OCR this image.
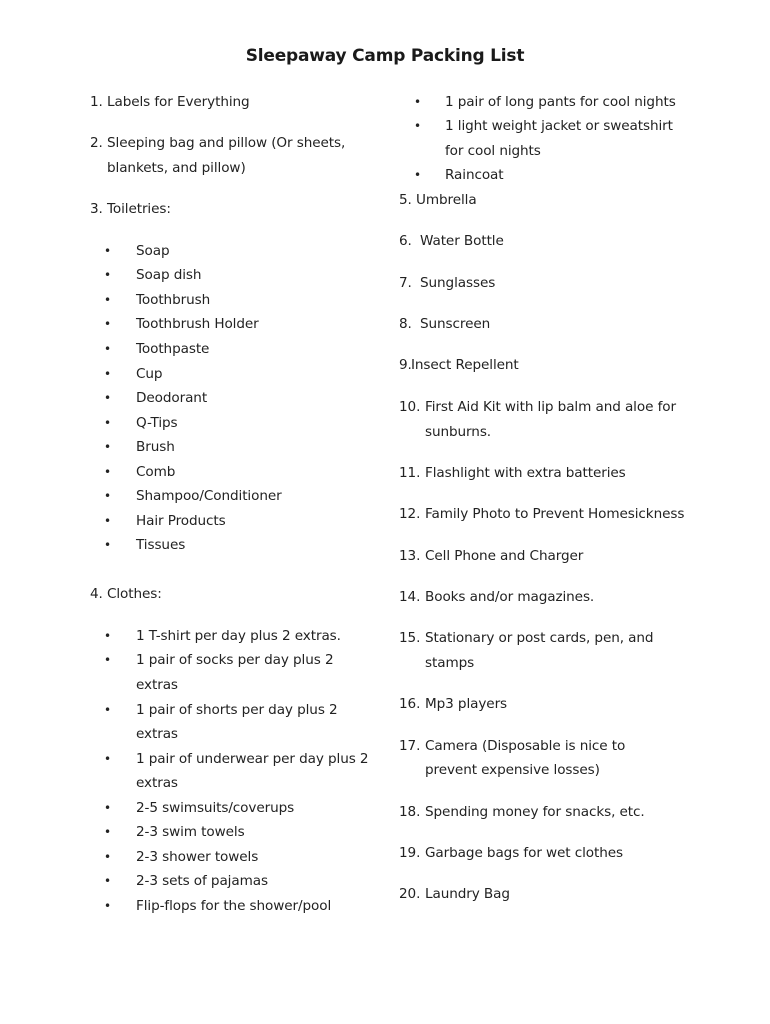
Sleepaway Camp Packing List
1. Labels for Everything
2. Sleeping bag and pillow (Or sheets,
blankets, and pillow)
3. Toiletries:
• Soap
• Soap dish
• Toothbrush
• Toothbrush Holder
• Toothpaste
• Cup
• Deodorant
• Q-Tips
• Brush
• Comb
• Shampoo/Conditioner
• Hair Products
• Tissues
4. Clothes:
• 1 T-shirt per day plus 2 extras.
• 1 pair of socks per day plus 2
extras
• 1 pair of shorts per day plus 2
extras
• 1 pair of underwear per day plus 2
extras
• 2-5 swimsuits/coverups
• 2-3 swim towels
• 2-3 shower towels
• 2-3 sets of pajamas
• Flip-flops for the shower/pool
• 1 pair of long pants for cool nights
• 1 light weight jacket or sweatshirt
for cool nights
• Raincoat
5. Umbrella
6. Water Bottle
7. Sunglasses
8. Sunscreen
9. Insect Repellent
10. First Aid Kit with lip balm and aloe for
sunburns.
11. Flashlight with extra batteries
12. Family Photo to Prevent Homesickness
13. Cell Phone and Charger
14. Books and/or magazines.
15. Stationary or post cards, pen, and
stamps
16. Mp3 players
17. Camera (Disposable is nice to
prevent expensive losses)
18. Spending money for snacks, etc.
19. Garbage bags for wet clothes
20. Laundry Bag
